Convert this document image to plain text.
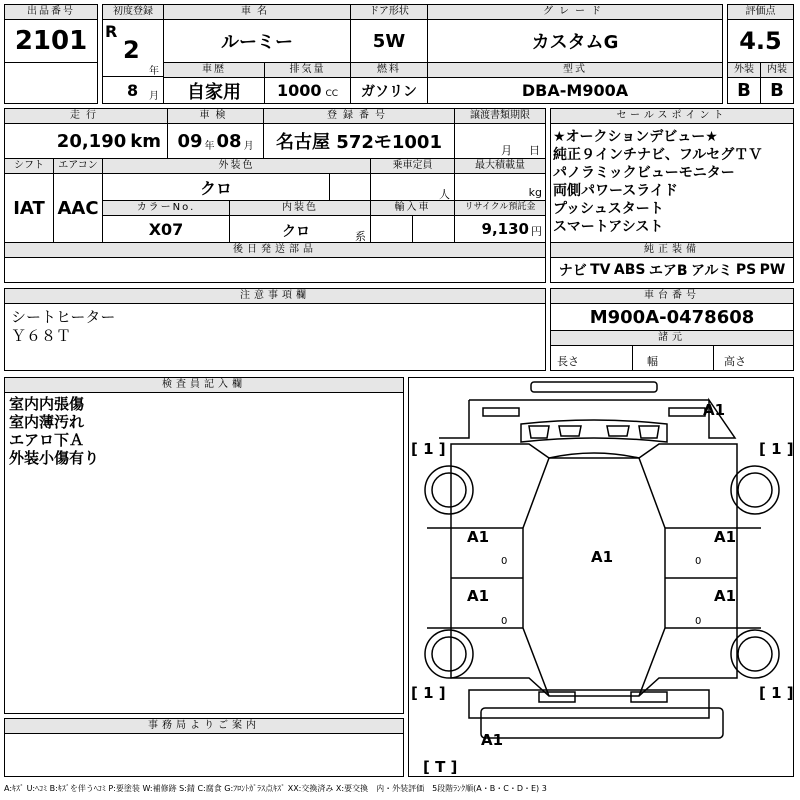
出品番号
2101
初度登録
R
2
年
8 月
車名
ルーミー
ドア形状
5W
グレード
カスタムG
評価点
4.5
車歴
自家用
排気量
1000 CC
燃料
ガソリン
型式
DBA-M900A
外装
B
内装
B
走行
20,190 km
車検
09 年 08 月
登録番号
名古屋 572モ1001
譲渡書類期限
月 日
セールスポイント
★オークションデビュー★
純正９インチナビ、フルセグＴＶ
パノラミックビューモニター
両側パワースライド
プッシュスタート
スマートアシスト
シフト
IAT
エアコン
AAC
外装色
クロ
乗車定員
人
最大積載量
kg
カラーNo.
X07
内装色
クロ	系
輸入車	リサイクル預託金
9,130 円
後日発送部品	純正装備
ナビ TV ABS エアB アルミ PS PW
注意事項欄
シートヒーター
Ｙ６８Ｔ
車台番号
M900A-0478608
諸元
長さ	幅	高さ
検査員記入欄
室内内張傷
室内薄汚れ
エアロ下Ａ
外装小傷有り
事務局よりご案内
A1
A1	A1
A1
A1	A1
A1
[ 1 ]	[ 1 ]
[ 1 ]	[ 1 ]
[ T ]
0	0
0	0
A:ｷｽﾞ U:ﾍｺﾐ B:ｷｽﾞを伴うﾍｺﾐ P:要塗装 W:補修跡 S:錆 C:腐食 G:ﾌﾛﾝﾄｶﾞﾗｽ点ｷｽﾞ XX:交換済み X:要交換　内・外装評価　5段階ﾗﾝｸ順(A・B・C・D・E) 3
